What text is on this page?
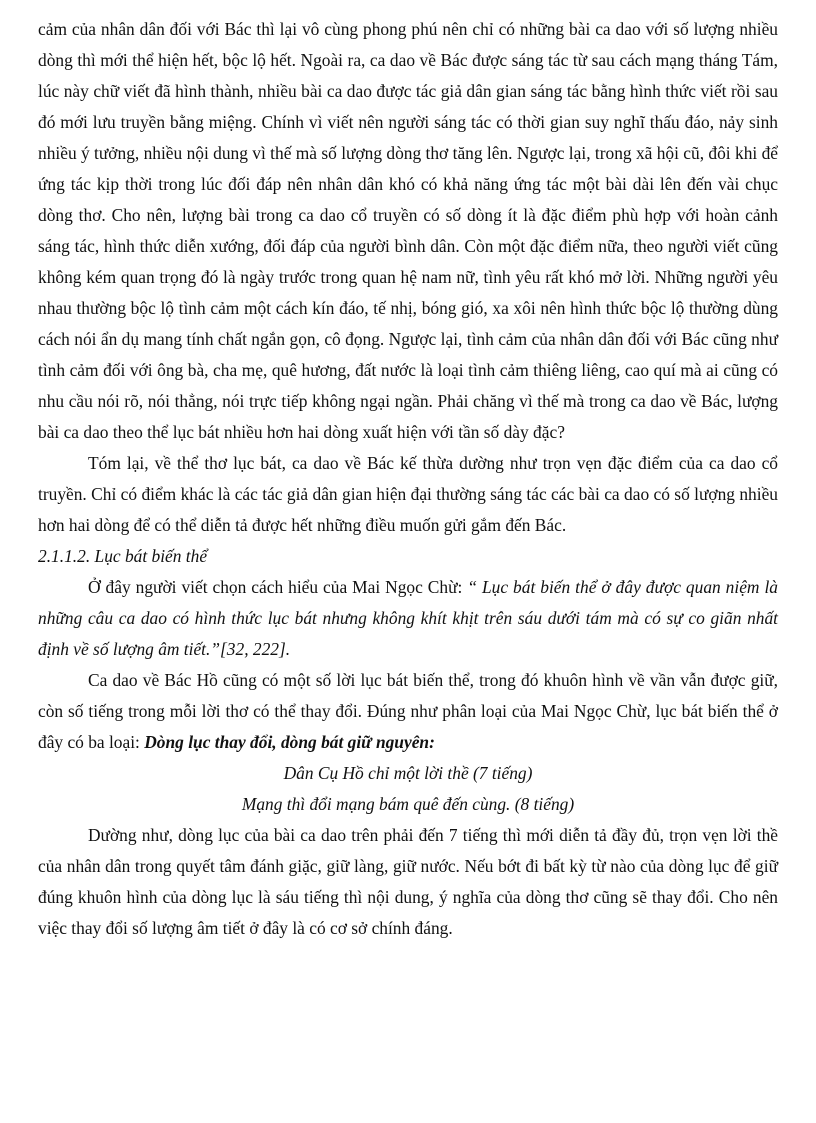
cảm của nhân dân đối với Bác thì lại vô cùng phong phú nên chỉ có những bài ca dao với số lượng nhiều dòng thì mới thể hiện hết, bộc lộ hết. Ngoài ra, ca dao về Bác được sáng tác từ sau cách mạng tháng Tám, lúc này chữ viết đã hình thành, nhiều bài ca dao được tác giả dân gian sáng tác bằng hình thức viết rồi sau đó mới lưu truyền bằng miệng. Chính vì viết nên người sáng tác có thời gian suy nghĩ thấu đáo, nảy sinh nhiều ý tưởng, nhiều nội dung vì thế mà số lượng dòng thơ tăng lên. Ngược lại, trong xã hội cũ, đôi khi để ứng tác kịp thời trong lúc đối đáp nên nhân dân khó có khả năng ứng tác một bài dài lên đến vài chục dòng thơ. Cho nên, lượng bài trong ca dao cổ truyền có số dòng ít là đặc điểm phù hợp với hoàn cảnh sáng tác, hình thức diễn xướng, đối đáp của người bình dân. Còn một đặc điểm nữa, theo người viết cũng không kém quan trọng đó là ngày trước trong quan hệ nam nữ, tình yêu rất khó mở lời. Những người yêu nhau thường bộc lộ tình cảm một cách kín đáo, tế nhị, bóng gió, xa xôi nên hình thức bộc lộ thường dùng cách nói ẩn dụ mang tính chất ngắn gọn, cô đọng. Ngược lại, tình cảm của nhân dân đối với Bác cũng như tình cảm đối với ông bà, cha mẹ, quê hương, đất nước là loại tình cảm thiêng liêng, cao quí mà ai cũng có nhu cầu nói rõ, nói thẳng, nói trực tiếp không ngại ngần. Phải chăng vì thế mà trong ca dao về Bác, lượng bài ca dao theo thể lục bát nhiều hơn hai dòng xuất hiện với tần số dày đặc?

Tóm lại, về thể thơ lục bát, ca dao về Bác kế thừa dường như trọn vẹn đặc điểm của ca dao cổ truyền. Chỉ có điểm khác là các tác giả dân gian hiện đại thường sáng tác các bài ca dao có số lượng nhiều hơn hai dòng để có thể diễn tả được hết những điều muốn gửi gắm đến Bác.

2.1.1.2. Lục bát biến thể

Ở đây người viết chọn cách hiểu của Mai Ngọc Chừ: “ Lục bát biến thể ở đây được quan niệm là những câu ca dao có hình thức lục bát nhưng không khít khịt trên sáu dưới tám mà có sự co giãn nhất định về số lượng âm tiết.”[32, 222].

Ca dao về Bác Hồ cũng có một số lời lục bát biến thể, trong đó khuôn hình về vần vẫn được giữ, còn số tiếng trong mỗi lời thơ có thể thay đổi. Đúng như phân loại của Mai Ngọc Chừ, lục bát biến thể ở đây có ba loại: Dòng lục thay đổi, dòng bát giữ nguyên:

Dân Cụ Hồ chỉ một lời thề (7 tiếng)

Mạng thì đổi mạng bám quê đến cùng. (8 tiếng)

Dường như, dòng lục của bài ca dao trên phải đến 7 tiếng thì mới diễn tả đầy đủ, trọn vẹn lời thề của nhân dân trong quyết tâm đánh giặc, giữ làng, giữ nước. Nếu bớt đi bất kỳ từ nào của dòng lục để giữ đúng khuôn hình của dòng lục là sáu tiếng thì nội dung, ý nghĩa của dòng thơ cũng sẽ thay đổi. Cho nên việc thay đổi số lượng âm tiết ở đây là có cơ sở chính đáng.
